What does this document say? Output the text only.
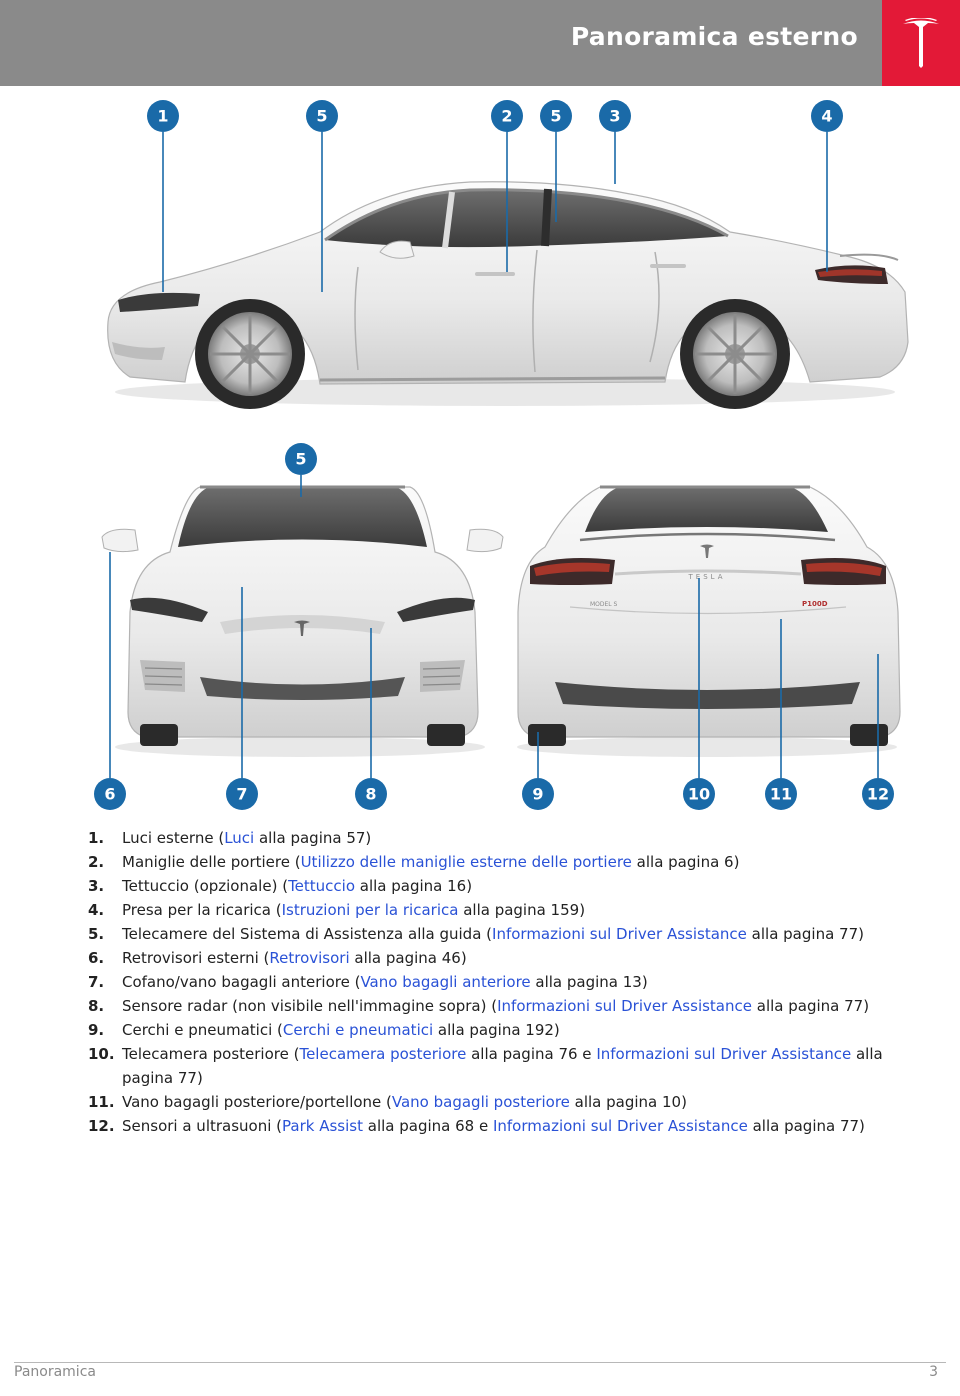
Panoramica esterno
1	5	2 5	3	4
5
6	7	8
TESLA
MODEL S	P100D
9	10	11	12
1. Luci esterne (Luci alla pagina 57)
2. Maniglie delle portiere (Utilizzo delle maniglie esterne delle portiere alla pagina 6)
3. Tettuccio (opzionale) (Tettuccio alla pagina 16)
4. Presa per la ricarica (Istruzioni per la ricarica alla pagina 159)
5. Telecamere del Sistema di Assistenza alla guida (Informazioni sul Driver Assistance alla pagina 77)
6. Retrovisori esterni (Retrovisori alla pagina 46)
7. Cofano/vano bagagli anteriore (Vano bagagli anteriore alla pagina 13)
8. Sensore radar (non visibile nell'immagine sopra) (Informazioni sul Driver Assistance alla pagina 77)
9. Cerchi e pneumatici (Cerchi e pneumatici alla pagina 192)
10. Telecamera posteriore (Telecamera posteriore alla pagina 76 e Informazioni sul Driver Assistance alla pagina 77)
11. Vano bagagli posteriore/portellone (Vano bagagli posteriore alla pagina 10)
12. Sensori a ultrasuoni (Park Assist alla pagina 68 e Informazioni sul Driver Assistance alla pagina 77)
Panoramica	3
